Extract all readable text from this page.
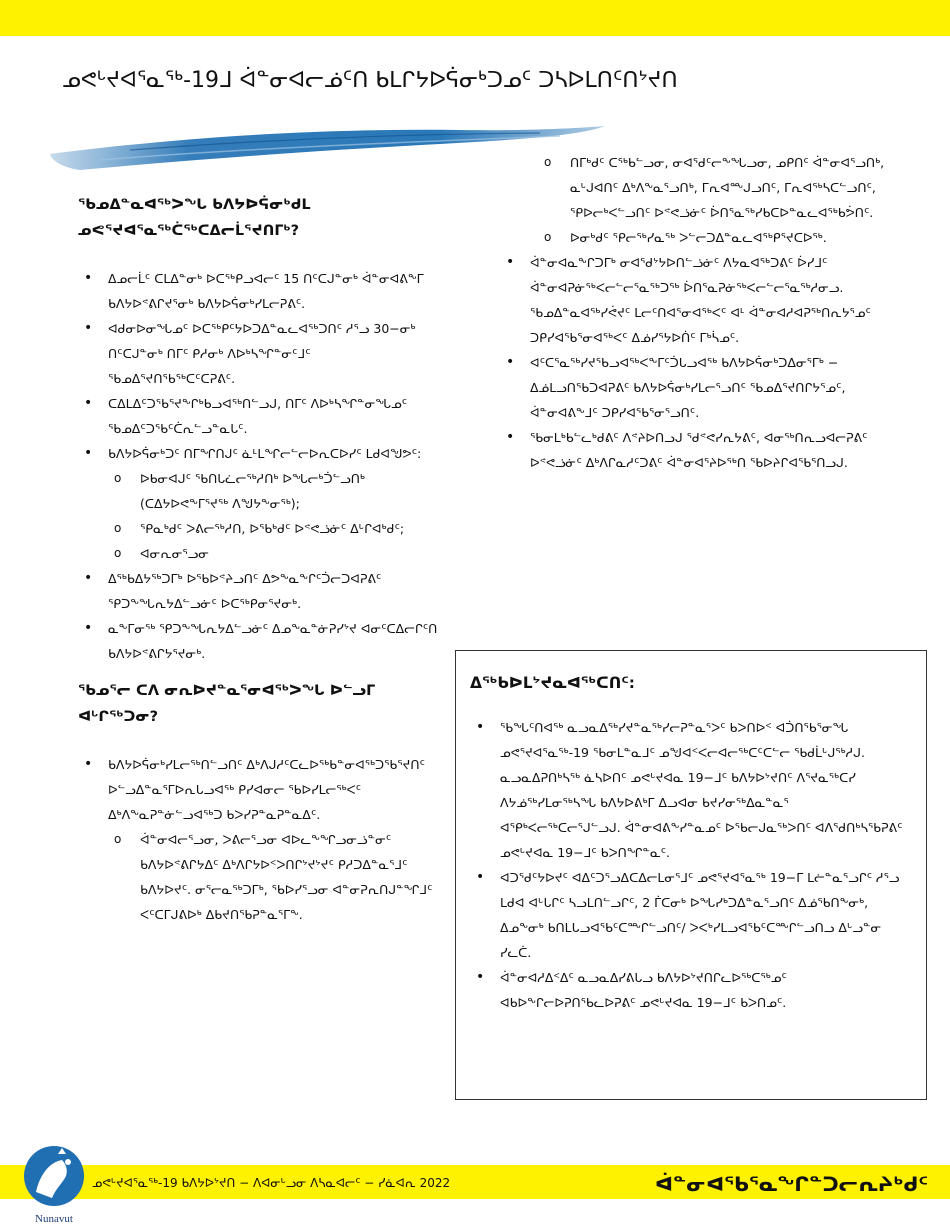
ᓄᕙᒡᔪᐊᕐᓇᖅ-19ᒧ ᐋᓐᓂᐊᓕᓅᑦᑎ ᑲᒪᒋᔭᐅᕌᓂᒃᑐᓄᑦ ᑐᓴᐅᒪᑎᑦᑎᔾᔪᑎ
ᖃᓄᐃᓐᓇᐊᖅᐳᖓ ᑲᐱᔭᐅᕌᓂᒃᑯᒪ ᓄᕙᕐᔪᐊᕐᓇᖅᑖᖅᑕᐃᓕᒫᕐᔪᑎᒥᒃ?
• ᐃᓄᓕᒫᑦ ᑕᒪᐃᓐᓂᒃ ᐅᑕᖅᑭᓗᐊᓕᑦ 15 ᑎᑦᑕᒍᓐᓂᒃ ᐋᓐᓂᐊᕕᖕᒥ ᑲᐱᔭᐅᕝᕕᒋᔪᕐᓂᒃ ᑲᐱᔭᐅᕌᓂᒃᓯᒪᓕᕈᕕᑦ.
• ᐊᑯᓂᐅᓂᖓᓄᑦ ᐅᑕᖅᑭᑦᔭᐅᑐᐃᓐᓇᓚᐊᖅᑐᑎᑦ ᓱᕐᓗ 30−ᓂᒃ ᑎᑦᑕᒍᓐᓂᒃ ᑎᒥᑦ ᑭᓱᓂᒃ ᐱᐅᒃᓴᖏᓐᓂᑦᒧᑦ ᖃᓄᐃᕐᔪᑎᖃᖅᑕᑦᑕᕈᕕᑦ.
• ᑕᐃᒪᐃᑦᑐᖃᕐᔪᖕᒋᒃᑲᓗᐊᖅᑎᓪᓗᒍ, ᑎᒥᑦ ᐱᐅᒃᓴᖏᓐᓂᖓᓄᑦ ᖃᓄᐃᑦᑐᖃᑦᑖᕆᓪᓗᓐᓇᒐᑦ.
• ᑲᐱᔭᐅᕌᓂᒃᑐᑦ ᑎᒥᖏᑎᒍᑦ ᓈᒻᒪᖏᓕᓪᓕᐅᕆᑕᐅᓯᑦ ᒪᑯᐊᖑᕗᑦ:
o ᐅᑲᓂᐊᒍᑦ ᖃᑎᒐᓛᓕᖅᓱᑎᒃ ᐅᖓᓕᒃᑑᓪᓗᑎᒃ (ᑕᐃᔭᐅᕙᖕᒥᕐᔪᖅ ᐱᖑᔭᖕᓂᖅ);
o ᕿᓇᒃᑯᑦ ᐳᕕᓕᖅᓱᑎ, ᐅᖃᒃᑯᑦ ᐅᕝᕙᓘᓃᑦ ᐃᒡᒋᐊᒃᑯᑦ;
o ᐊᓂᕆᓂᕐᓗᓂ
• ᐃᖅᑲᐃᔭᖅᑐᒥᒃ ᐅᖃᐅᕝᔨᓗᑎᑦ ᐃᕗᖕᓇᖕᒋᑦᑑᓕᑐᐊᕈᕕᑦ ᕿᑐᖕᖓᕆᔭᐃᓪᓗᓃᑦ ᐅᑕᖅᑭᓂᕐᔪᓂᒃ.
• ᓇᖕᒥᓂᖅ ᕿᑐᖕᖓᕆᔭᐃᓪᓗᓃᑦ ᐃᓄᖕᓇᓐᓃᕈᓯᔾᔪ ᐊᓂᑦᑕᐃᓕᒋᑦᑎ ᑲᐱᔭᐅᕝᕕᒋᔭᕐᔪᓂᒃ.
ᖃᓄᕐᓕ ᑕᐱ ᓂᕆᐅᔪᓐᓇᕐᓂᐊᖅᐳᖓ ᐅᓪᓗᒥ ᐊᒡᒋᖅᑐᓂ?
• ᑲᐱᔭᐅᕌᓂᒃᓯᒪᓕᖅᑎᓪᓗᑎᑦ ᐃᒃᐱᒍᓱᑦᑕᓚᐅᖅᑲᓐᓂᐊᖅᑐᖃᕐᔪᑎᑦ ᐅᓪᓗᐃᓐᓇᕐᒥᐅᕆᒐᓗᐊᖅ ᑭᓯᐊᓂᓕ ᖃᐅᓯᒪᓕᖅᐸᑦ ᐃᒃᐱᖕᓇᕈᓐᓃᓪᓗᐊᖅᑐ ᑲᐳᓯᕈᓐᓇᕈᓐᓇᐃᑦ.
o ᐋᓐᓂᐊᓕᕐᓗᓂ, ᐳᕕᓕᕐᓗᓂ ᐊᐅᓚᖕᖏᓗᓂᓘᓐᓂᑦ ᑲᐱᔭᐅᕝᕕᒋᔭᐃᑦ ᐃᒃᐱᒋᔭᐅᑉᐳᑎᒋᔾᔪᔾᔪᑦ ᑭᓱᑐᐃᓐᓇᕐᒧᑦ ᑲᐱᔭᐅᔪᑦ. ᓂᕐᓕᓇᖅᑐᒥᒃ, ᖃᐅᓯᕐᓗᓂ ᐊᓐᓂᕈᕆᑎᒍᓐᖏᒧᑦ ᐸᑦᑕᒥᒍᕕᐅᒃ ᐃᑲᔪᑎᖃᕈᓐᓇᕐᒥᖕ.
o ᑎᒥᒃᑯᑦ ᑕᖅᑲᓪᓗᓂ, ᓂᐊᖁᑦᓕᖕᖓᓗᓂ, ᓄᑭᑎᑦ ᐋᓐᓂᐊᕐᓗᑎᒃ, ᓇᒡᒍᐊᑎᑦ ᐃᒃᐱᖕᓇᕐᓗᑎᒃ, ᒥᕆᐊᖖᒍᓗᑎᑦ, ᒥᕆᐊᖅᓴᑕᓪᓗᑎᑦ, ᕿᐅᓕᒃᐸᓪᓗᑎᑦ ᐅᕝᕙᓘᓃᑦ ᐆᑎᕐᓇᖅᓯᑲᑕᐅᓐᓇᓚᐊᖅᑲᕘᑎᑦ.
o ᐅᓂᒃᑯᑦ ᕿᓕᖅᓯᓇᖅ ᐳᓪᓕᑐᐃᓐᓇᓚᐊᖅᑭᕐᔪᑕᐅᖅ.
• ᐋᓐᓂᐊᓇᖕᒋᑐᒥᒃ ᓂᐊᖁᔾᔭᐅᑎᓪᓘᓃᑦ ᐱᔭᓇᐊᖅᑐᕕᑦ ᐆᓯᒧᑦ ᐋᓐᓂᐊᕈᓃᖅᐸᓕᓪᓕᕐᓇᖅᑐᖅ ᐆᑎᕐᓇᕈᓃᖅᐸᓕᓪᓕᕐᓇᖅᓱᓂᓗ. ᖃᓄᐃᓐᓇᐊᖅᓯᕚᔪᑦ ᒪᓕᑦᑎᐊᕐᓂᐊᖅᐸᑦ ᐊᒻ ᐋᓐᓂᐊᓱᐊᕈᖅᑎᕆᔭᕐᓄᑦ ᑐᑭᓯᐊᖃᕐᓂᐊᖅᐸᑦ ᐃᓅᓯᕐᔭᐅᑏᑦ ᒥᒃᓵᓄᑦ.
• ᐊᑦᑕᕐᓇᖅᓯᔪᖃᓗᐊᖅᐸᖕᒥᑦᑑᒐᓗᐊᖅ ᑲᐱᔭᐅᕌᓂᒃᑐᐃᓂᕐᒥᒃ − ᐃᓅᒪᓗᑎᖃᑐᐊᕈᕕᑦ ᑲᐱᔭᐅᕌᓂᒃᓯᒪᓕᕐᓗᑎᑦ ᖃᓄᐃᕐᔪᑎᒋᔭᕐᓄᑦ, ᐋᓐᓂᐊᕕᖕᒧᑦ ᑐᑭᓯᐊᖃᕐᓂᕐᓗᑎᑦ.
• ᖃᓂᒪᒃᑲᓪᓚᒃᑯᕕᑦ ᐱᕝᔨᐅᑎᓗᒍ ᖁᕝᕙᓯᕆᔭᕕᑦ, ᐊᓂᖅᑎᕆᓗᐊᓕᕈᕕᑦ ᐅᕝᕙᓘᓃᑦ ᐃᒃᐱᒋᓇᓱᑦᑐᕕᑦ ᐋᓐᓂᐊᕐᔨᐅᖅᑎ ᖃᐅᔨᒋᐊᖃᕐᑎᓗᒍ.
ᐃᖅᑲᐅᒪᔾᔪᓇᐊᖅᑕᑎᑦ:
• ᖃᖓᑦᑎᐊᖅ ᓇᓗᓇᐃᖅᓯᔪᓐᓇᖅᓯᓕᕈᓐᓇᕐᐳᑦ ᑲᐳᑎᐅᑉ ᐊᑑᑎᖃᕐᓂᖓ ᓄᕙᕐᔪᐊᕐᓇᖅ-19 ᖃᓂᒪᓐᓇᒧᑦ ᓄᖑᐊᑉᐸᓕᐊᓕᖅᑕᑦᑕᓪᓕ ᖃᑯᒫᒡᒍᖅᓱᒍ. ᓇᓗᓇᐃᕈᑎᒃᓴᖅ ᓈᓴᐅᑎᑦ ᓄᕙᒡᔪᐊᓇ 19−ᒧᑦ ᑲᐱᔭᐅᔾᔪᑎᑦ ᐱᕐᔪᓇᖅᑕᓯ ᐱᔭᓅᖅᓯᒪᓂᖅᓴᖓ ᑲᐱᔭᐅᕕᒃᒥ ᐃᓗᐊᓂ ᑲᔪᓯᓂᖅᐃᓇᓐᓇᕐ ᐊᕿᒃᐸᓕᖅᑕᓕᕐᒍᓪᓗᒍ. ᐋᓐᓂᐊᕕᖕᓯᓐᓇᓄᑦ ᐅᖃᓕᒍᓇᖅᐳᑎᑦ ᐊᐱᕐᑯᑎᒃᓴᖃᕈᕕᑦ ᓄᕙᒡᔪᐊᓇ 19−ᒧᑦ ᑲᐳᑎᖏᓐᓇᑦ.
• ᐊᑐᕐᑯᑦᔭᐅᔪᑦ ᐊᐃᑦᑐᕐᓗᐃᑕᐃᓕᒪᓂᕐᒧᑦ ᓄᕙᕐᔪᐊᕐᓇᖅ 19−ᒥ ᒪᓖᓐᓇᕐᓗᒋᑦ ᓱᕐᓗ ᒪᑯᐊ ᐊᒡᒐᒋᑦ ᓴᓗᒪᑎᓪᓗᒋᑦ, 2 ᒦᑕᓂᒃ ᐅᖓᓯᒃᑐᐃᓐᓇᕐᓗᑎᑦ ᐃᓅᖃᑎᖕᓂᒃ, ᐃᓄᖕᓂᒃ ᑲᑎᒪᒐᓗᐊᖃᑦᑕᖖᒋᓪᓗᑎᑦ/ ᐳᐸᒃᓯᒪᓗᐊᖃᑦᑕᖖᒋᓪᓗᑎᓗ ᐃᒡᓗᓐᓂ ᓯᓚᑖ.
• ᐋᓐᓂᐊᓱᐃᑉᐃᑦ ᓇᓗᓇᐃᓯᕕᒐᓗ ᑲᐱᔭᐅᔾᔪᑎᒋᓚᐅᖅᑕᖅᓄᑦ ᐊᑲᐅᖕᒋᓕᐅᕈᑎᖃᓚᐅᕈᕕᑦ ᓄᕙᒡᔪᐊᓇ 19−ᒧᑦ ᑲᐳᑎᓄᑦ.
Nunavut
ᓄᕙᒡᔪᐊᕐᓇᖅ-19 ᑲᐱᔭᐅᔾᔪᑎ − ᐱᐊᓂᒡᓗᓂ ᐱᓴᓇᐊᓕᑦ − ᓯᓈᐊᕆ 2022	ᐋᓐᓂᐊᖃᕐᓇᖏᓐᑐᓕᕆᔨᒃᑯᑦ
